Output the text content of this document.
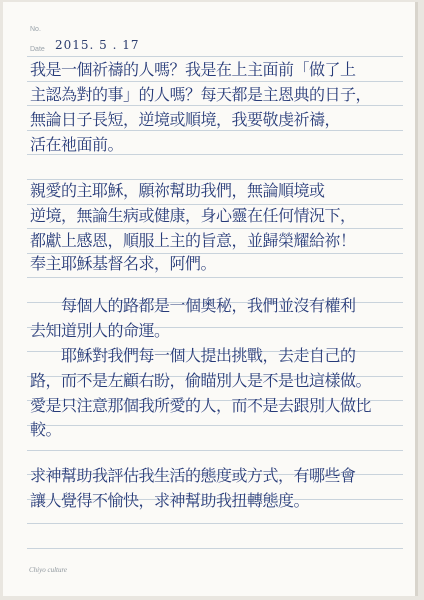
No.
Date 2015. 5 . 17
我是一個祈禱的人嗎？我是在上主面前「做了上
主認為對的事」的人嗎？每天都是主恩典的日子，
無論日子長短，逆境或順境，我要敬虔祈禱，
活在祂面前。
親愛的主耶穌，願祢幫助我們，無論順境或
逆境，無論生病或健康，身心靈在任何情況下，
都獻上感恩，順服上主的旨意，並歸榮耀給祢！
奉主耶穌基督名求，阿們。
每個人的路都是一個奧秘，我們並沒有權利
去知道別人的命運。
耶穌對我們每一個人提出挑戰，去走自己的
路，而不是左顧右盼，偷瞄別人是不是也這樣做。
愛是只注意那個我所愛的人，而不是去跟別人做比
較。
求神幫助我評估我生活的態度或方式，有哪些會
讓人覺得不愉快，求神幫助我扭轉態度。
Chiyo culture
